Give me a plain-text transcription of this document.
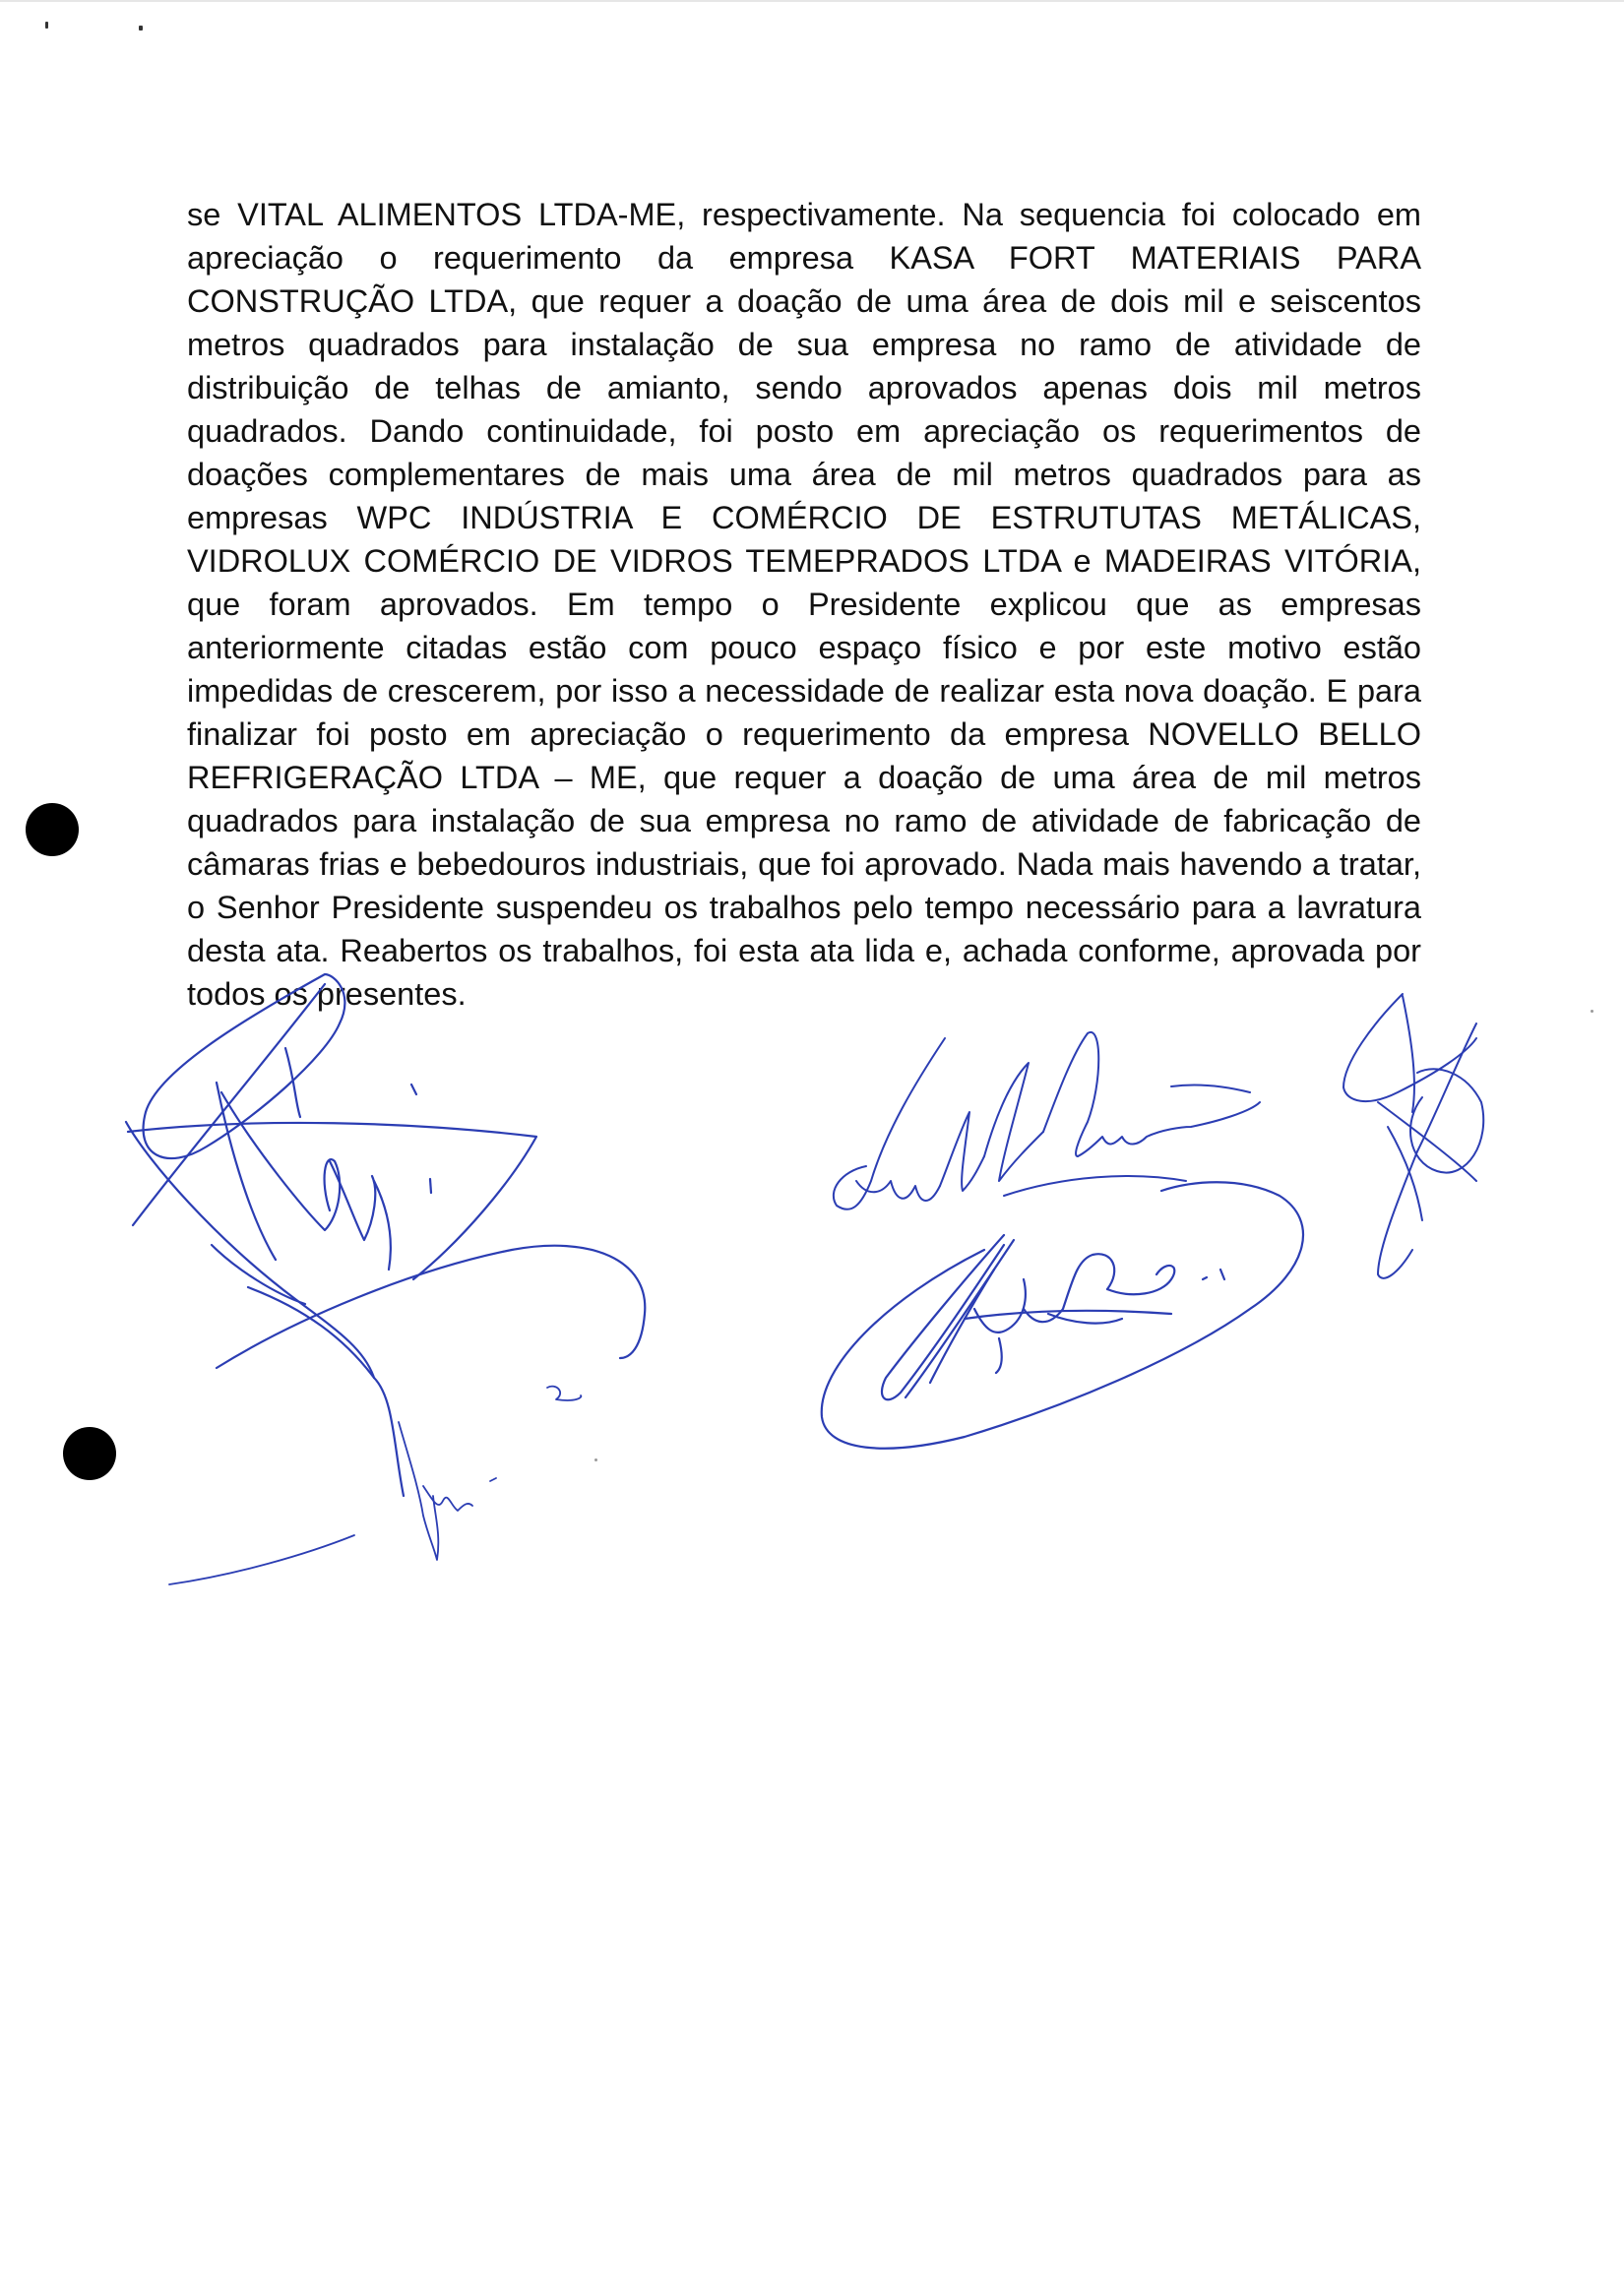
se VITAL ALIMENTOS LTDA-ME, respectivamente. Na sequencia foi colocado em apreciação o requerimento da empresa KASA FORT MATERIAIS PARA CONSTRUÇÃO LTDA, que requer a doação de uma área de dois mil e seiscentos metros quadrados para instalação de sua empresa no ramo de atividade de distribuição de telhas de amianto, sendo aprovados apenas dois mil metros quadrados. Dando continuidade, foi posto em apreciação os requerimentos de doações complementares de mais uma área de mil metros quadrados para as empresas WPC INDÚSTRIA E COMÉRCIO DE ESTRUTUTAS METÁLICAS, VIDROLUX COMÉRCIO DE VIDROS TEMEPRADOS LTDA e MADEIRAS VITÓRIA, que foram aprovados. Em tempo o Presidente explicou que as empresas anteriormente citadas estão com pouco espaço físico e por este motivo estão impedidas de crescerem, por isso a necessidade de realizar esta nova doação. E para finalizar foi posto em apreciação o requerimento da empresa NOVELLO BELLO REFRIGERAÇÃO LTDA – ME, que requer a doação de uma área de mil metros quadrados para instalação de sua empresa no ramo de atividade de fabricação de câmaras frias e bebedouros industriais, que foi aprovado. Nada mais havendo a tratar, o Senhor Presidente suspendeu os trabalhos pelo tempo necessário para a lavratura desta ata. Reabertos os trabalhos, foi esta ata lida e, achada conforme, aprovada por todos os presentes.
